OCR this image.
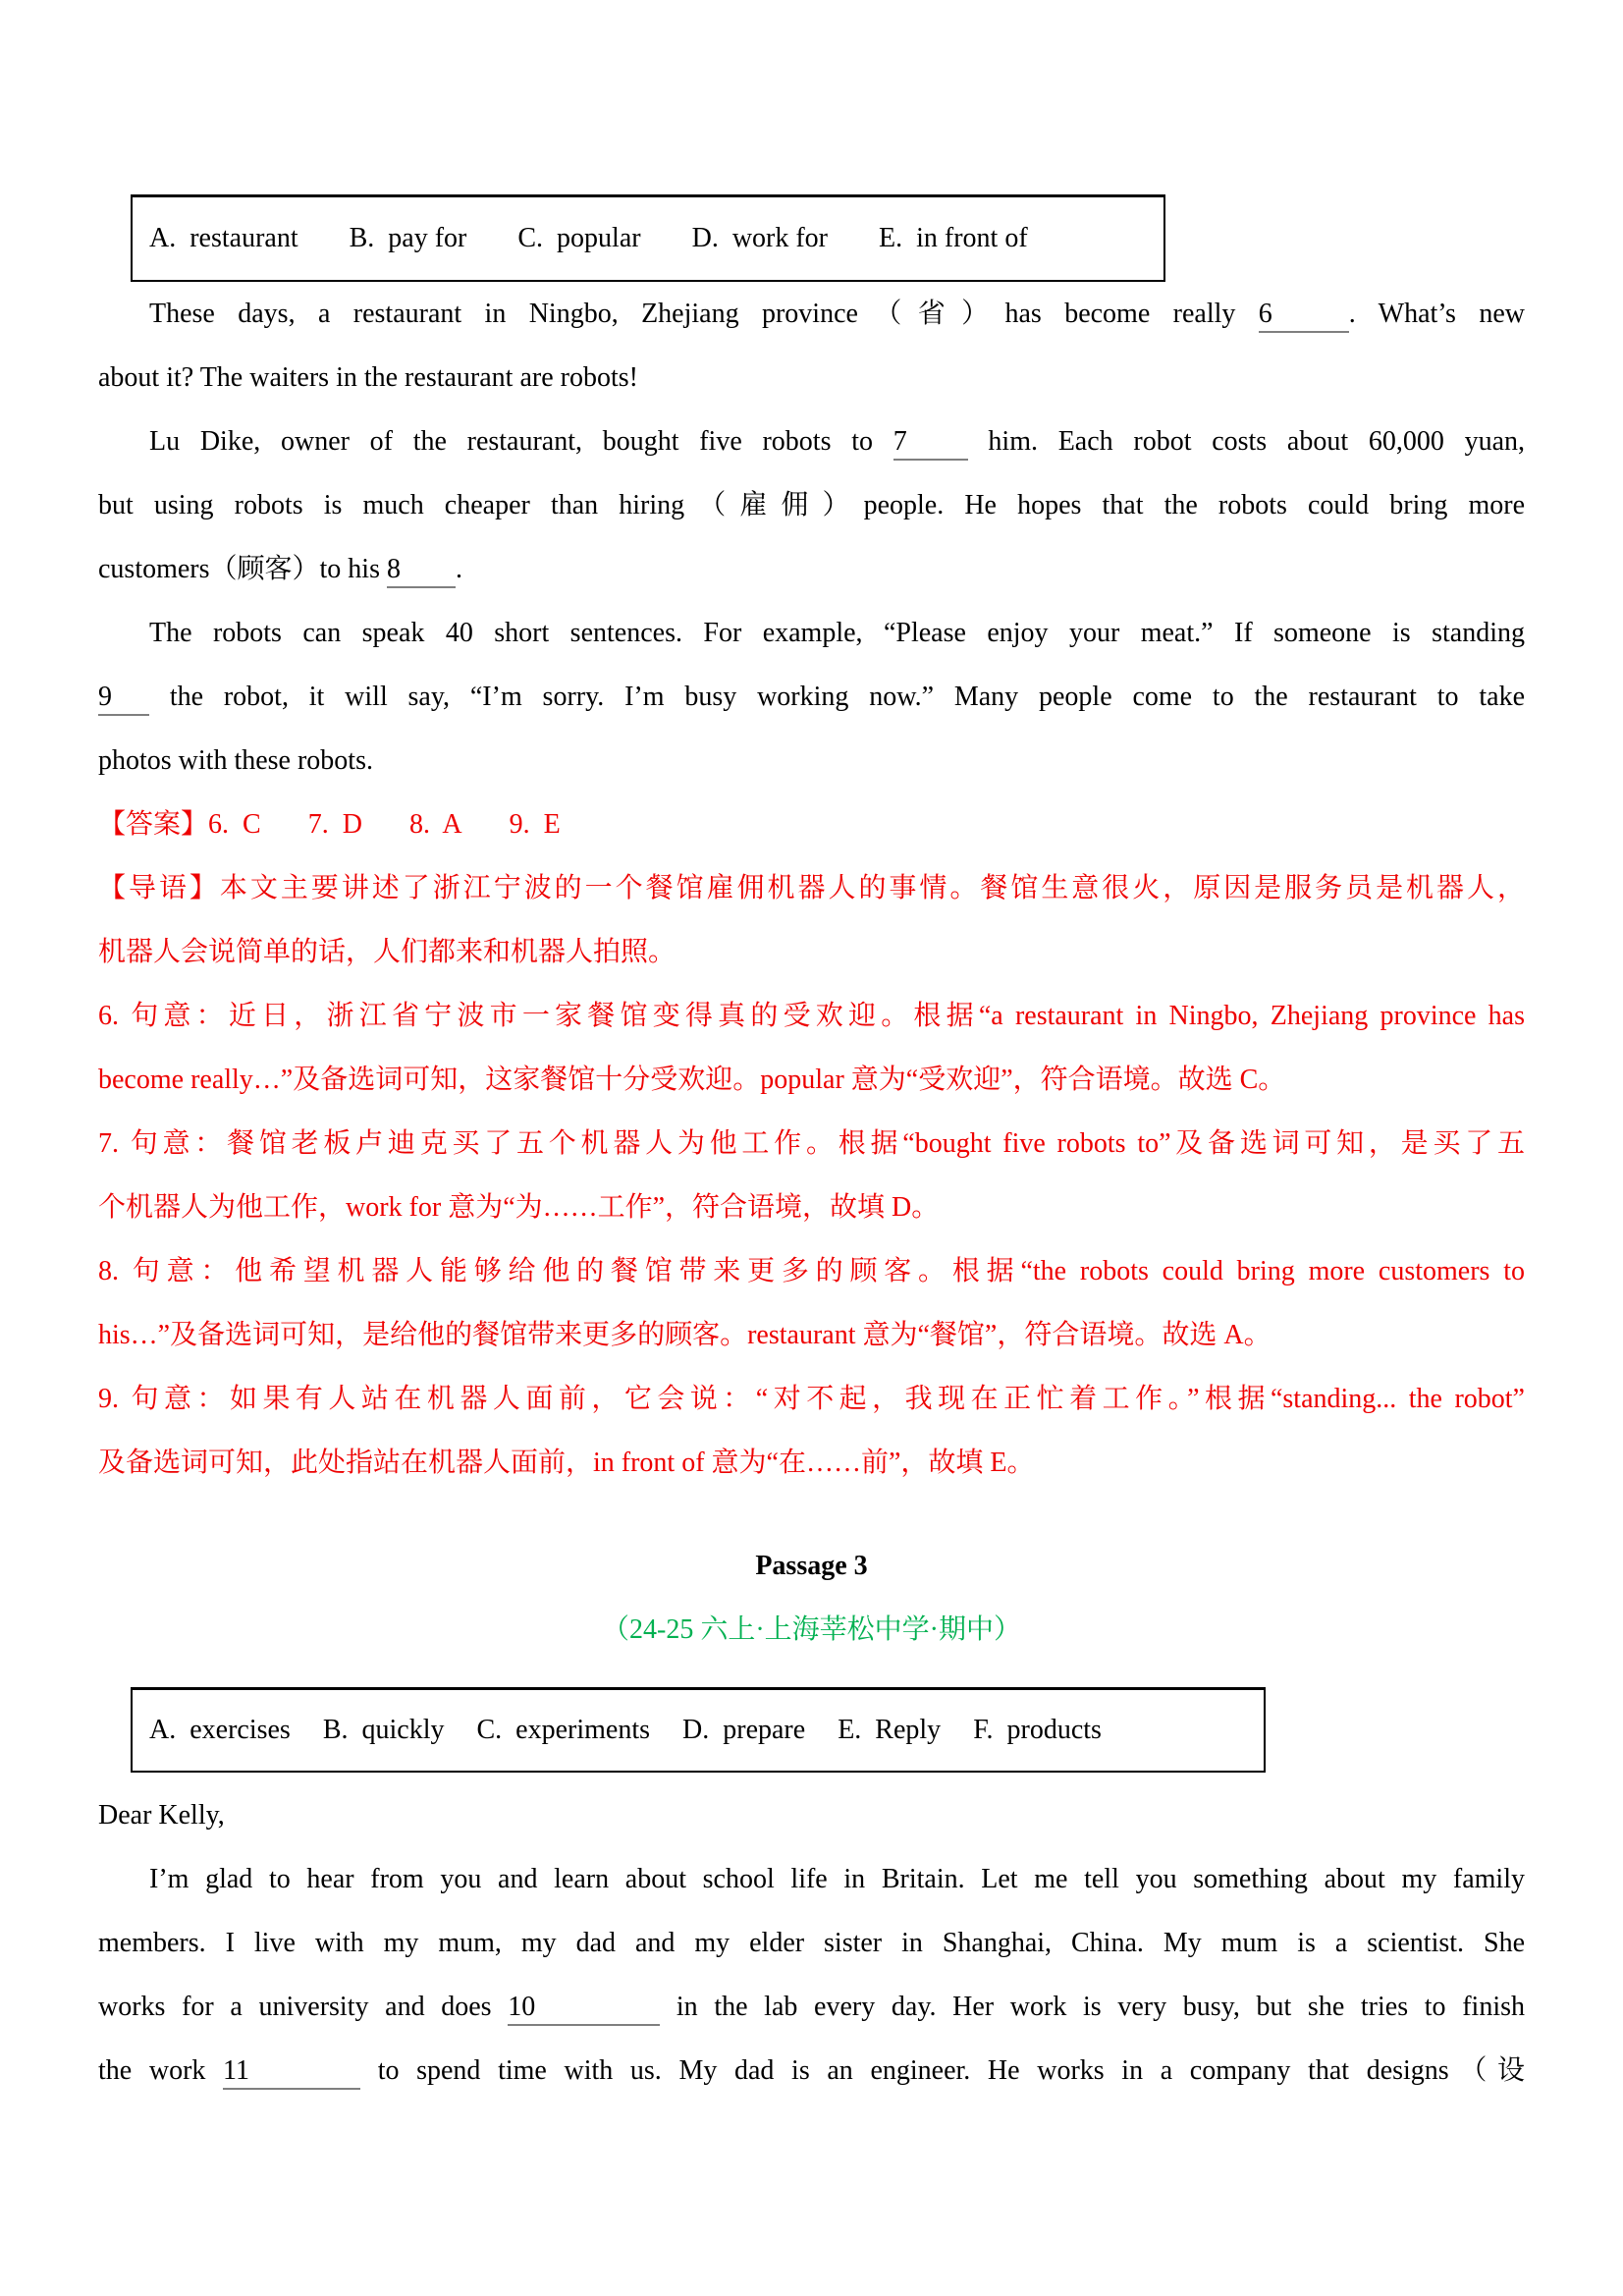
A.  restaurant B.  pay for C.  popular D.  work for E.  in front of
These days, a restaurant in Ningbo, Zhejiang province（省）has become really 6	. What’s new
about it? The waiters in the restaurant are robots!
Lu Dike, owner of the restaurant, bought five robots to 7 him. Each robot costs about 60,000 yuan,
but using robots is much cheaper than hiring（雇佣）people. He hopes that the robots could bring more
customers（顾客）to his 8 .
The robots can speak 40 short sentences. For example, “Please enjoy your meat.” If someone is standing
9 the robot, it will say, “I’m sorry. I’m busy working now.” Many people come to the restaurant to take
photos with these robots.
【答案】6.  C 7.  D 8.  A 9.  E
【导语】本文主要讲述了浙江宁波的一个餐馆雇佣机器人的事情。餐馆生意很火，原因是服务员是机器人，
机器人会说简单的话，人们都来和机器人拍照。
6. 句意：近日，浙江省宁波市一家餐馆变得真的受欢迎。根据“a restaurant in Ningbo, Zhejiang province has
become really…”及备选词可知，这家餐馆十分受欢迎。popular 意为“受欢迎”，符合语境。故选 C。
7. 句意：餐馆老板卢迪克买了五个机器人为他工作。根据“bought five robots to”及备选词可知，是买了五
个机器人为他工作，work for 意为“为……工作”，符合语境，故填 D。
8. 句意：他希望机器人能够给他的餐馆带来更多的顾客。根据“the robots could bring more customers to
his…”及备选词可知，是给他的餐馆带来更多的顾客。restaurant 意为“餐馆”，符合语境。故选 A。
9. 句意：如果有人站在机器人面前，它会说：“对不起，我现在正忙着工作。”根据“standing... the robot”
及备选词可知，此处指站在机器人面前，in front of 意为“在……前”，故填 E。
Passage 3
（24-25 六上·上海莘松中学·期中）
A.  exercises B.  quickly C.  experiments D.  prepare E.  Reply F.  products
Dear Kelly,
I’m glad to hear from you and learn about school life in Britain. Let me tell you something about my family
members. I live with my mum, my dad and my elder sister in Shanghai, China. My mum is a scientist. She
works for a university and does 10	in the lab every day. Her work is very busy, but she tries to finish
the work 11	to spend time with us. My dad is an engineer. He works in a company that designs（设
